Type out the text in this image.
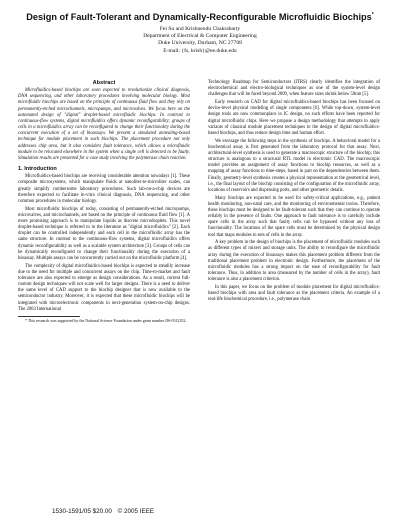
Design of Fault-Tolerant and Dynamically-Reconfigurable Microfluidic Biochips*
Fei Su and Krishnendu Chakrabarty
Department of Electrical & Computer Engineering
Duke University, Durham, NC 27708
E-mail: {fs, krish}@ee.duke.edu
Abstract

Microfluidics-based biochips are soon expected to revolutionize clinical diagnosis, DNA sequencing, and other laboratory procedures involving molecular biology. Most microfluidic biochips are based on the principle of continuous fluid flow and they rely on permanently-etched microchannels, micropumps, and microvalves. We focus here on the automated design of "digital" droplet-based microfluidic biochips. In contrast to continuous-flow systems, digital microfluidics offers dynamic reconfigurability; groups of cells in a microfluidics array can be reconfigured to change their functionality during the concurrent execution of a set of bioassays. We present a simulated annealing-based technique for module placement in such biochips. The placement procedure not only addresses chip area, but it also considers fault tolerance, which allows a microfluidic module to be relocated elsewhere in the system when a single cell is detected to be faulty. Simulation results are presented for a case study involving the polymerase chain reaction.

1. Introduction

Microfluidics-based biochips are receiving considerable attention nowadays [1]. These composite microsystems, which manipulate fluids at nanoliter-to-microliter scales, can greatly simplify cumbersome laboratory procedures. Such lab-on-a-chip devices are therefore expected to facilitate in-vitro clinical diagnosis, DNA sequencing, and other common procedures in molecular biology.

Most microfluidic biochips of today, consisting of permanently-etched micropumps, microvalves, and microchannels, are based on the principle of continuous fluid flow [1]. A more promising approach is to manipulate liquids as discrete microdroplets. This novel droplet-based technique is referred to in the literature as "digital microfluidics" [2]. Each droplet can be controlled independently and each cell in the microfluidic array has the same structure. In contrast to the continuous-flow systems, digital microfluidics offers dynamic reconfigurability as well as a scalable system architecture [3]. Groups of cells can be dynamically reconfigured to change their functionality during the execution of a bioassay. Multiple assays can be concurrently carried out on the microfluidic platform [4].

The complexity of digital microfluidics-based biochips is expected to steadily increase due to the need for multiple and concurrent assays on the chip. Time-to-market and fault tolerance are also expected to emerge as design considerations. As a result, current full-custom design techniques will not scale well for larger designs. There is a need to deliver the same level of CAD support to the biochip designer that is now available to the semiconductor industry. Moreover, it is expected that these microfluidic biochips will be integrated with microelectronic components in next-generation system-on-chip designs. The 2003 International

* This research was supported by the National Science Foundation under grant number IIS-0312352.

Technology Roadmap for Semiconductors (ITRS) clearly identifies the integration of electrochemical and electro-biological techniques as one of the system-level design challenges that will be faced beyond 2009, when feature sizes shrink below 50nm [5].

Early research on CAD for digital microfluidics-based biochips has been focused on device-level physical modeling of single components [6]. While top-down, system-level design tools are now commonplace in IC design, no such efforts have been reported for digital microfluidic chips. Here we propose a design methodology that attempts to apply variants of classical module placement techniques to the design of digital microfluidics-based biochips, and thus reduce design time and human effort.

We envisage the following steps in the synthesis of biochips. A behavioral model for a biochemical assay is first generated from the laboratory protocol for that assay. Next, architectural-level synthesis is used to generate a macroscopic structure of the biochip; this structure is analogous to a structural RTL model in electronic CAD. The macroscopic model provides an assignment of assay functions to biochip resources, as well as a mapping of assay functions to time-steps, based in part on the dependencies between them. Finally, geometry-level synthesis creates a physical representation at the geometrical level, i.e., the final layout of the biochip consisting of the configuration of the microfluidic array, locations of reservoirs and dispensing ports, and other geometric details.

Many biochips are expected to be used for safety-critical applications, e.g., patient health monitoring, non-natal care, and the monitoring of environmental toxins. Therefore, these biochips must be designed to be fault-tolerant such that they can continue to operate reliably in the presence of faults. One approach to fault tolerance is to carefully include spare cells in the array such that faulty cells can be bypassed without any loss of functionality. The locations of the spare cells must be determined by the physical design tool that maps modules to sets of cells in the array.

A key problem in the design of biochips is the placement of microfluidic modules such as different types of mixers and storage units. The ability to reconfigure the microfluidic array during the execution of bioassays makes this placement problem different from the traditional placement problem in electronic design. Furthermore, the placement of the microfluidic modules has a strong impact on the ease of reconfigurability for fault tolerance. Thus, in addition to area (measured by the number of cells in the array), fault tolerance is also a placement criterion.

In this paper, we focus on the problem of module placement for digital microfluidics-based biochips with area and fault tolerance as the placement criteria. An example of a real-life biochemical procedure, i.e., polymerase chain

1530-1591/05 $20.00 © 2005 IEEE
